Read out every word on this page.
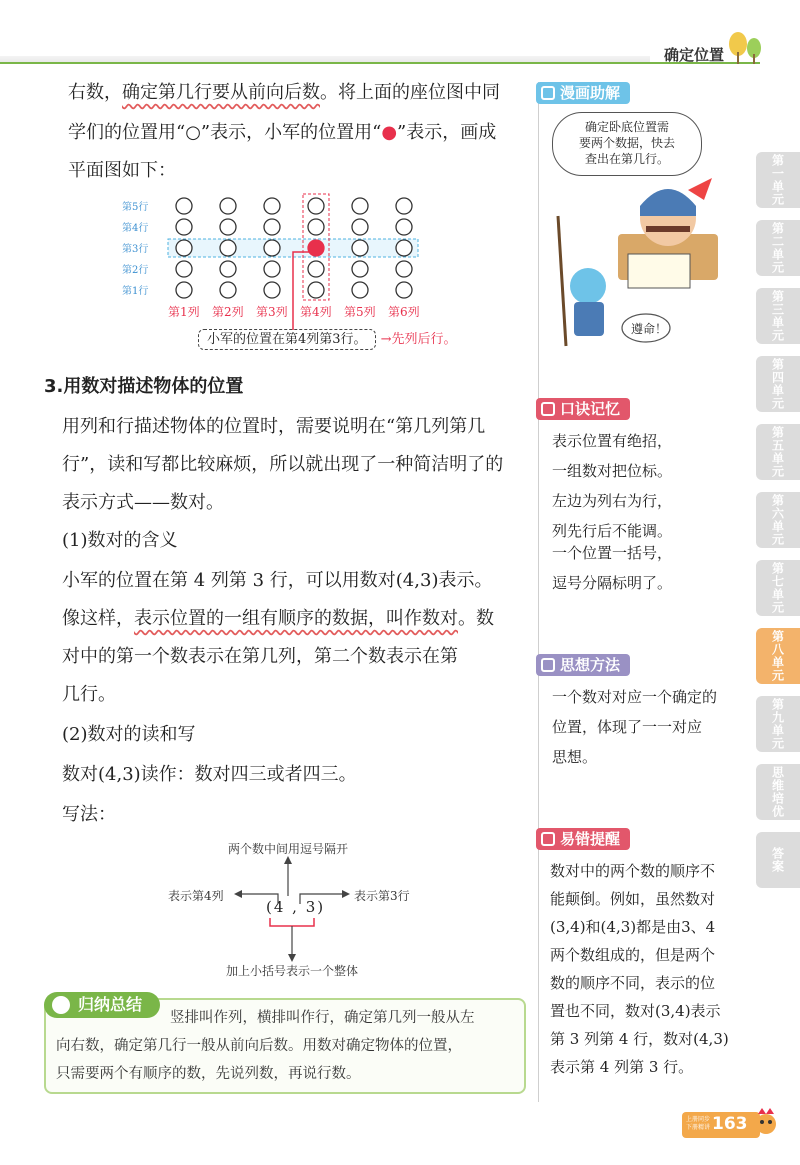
确定位置
右数，确定第几行要从前向后数。将上面的座位图中同
学们的位置用“○”表示，小军的位置用“●”表示，画成
平面图如下：
第5行
第4行
第3行
第2行
第1行
第1列 第2列 第3列 第4列 第5列 第6列
小军的位置在第4列第3行。 →先列后行。
3.用数对描述物体的位置
用列和行描述物体的位置时，需要说明在“第几列第几
行”，读和写都比较麻烦，所以就出现了一种简洁明了的
表示方式——数对。
(1)数对的含义
小军的位置在第 4 列第 3 行，可以用数对(4,3)表示。
像这样，表示位置的一组有顺序的数据，叫作数对。数
对中的第一个数表示在第几列，第二个数表示在第
几行。
(2)数对的读和写
数对(4,3)读作：数对四三或者四三。
写法：
两个数中间用逗号隔开
表示第4列	表示第3行
(4 , 3)
加上小括号表示一个整体
归纳总结
竖排叫作列，横排叫作行，确定第几列一般从左
向右数，确定第几行一般从前向后数。用数对确定物体的位置，
只需要两个有顺序的数，先说列数，再说行数。
漫画助解
确定卧底位置需
要两个数据，快去
查出在第几行。
遵命！
口诀记忆
表示位置有绝招，
一组数对把位标。
左边为列右为行，
列先行后不能调。
一个位置一括号，
逗号分隔标明了。
思想方法
一个数对对应一个确定的
位置，体现了一一对应
思想。
易错提醒
数对中的两个数的顺序不
能颠倒。例如，虽然数对
(3,4)和(4,3)都是由3、4
两个数组成的，但是两个
数的顺序不同，表示的位
置也不同，数对(3,4)表示
第 3 列第 4 行，数对(4,3)
表示第 4 列第 3 行。
第一单元
第二单元
第三单元
第四单元
第五单元
第六单元
第七单元
第八单元
第九单元
思维培优
答案
上册同步
下册精讲 163
